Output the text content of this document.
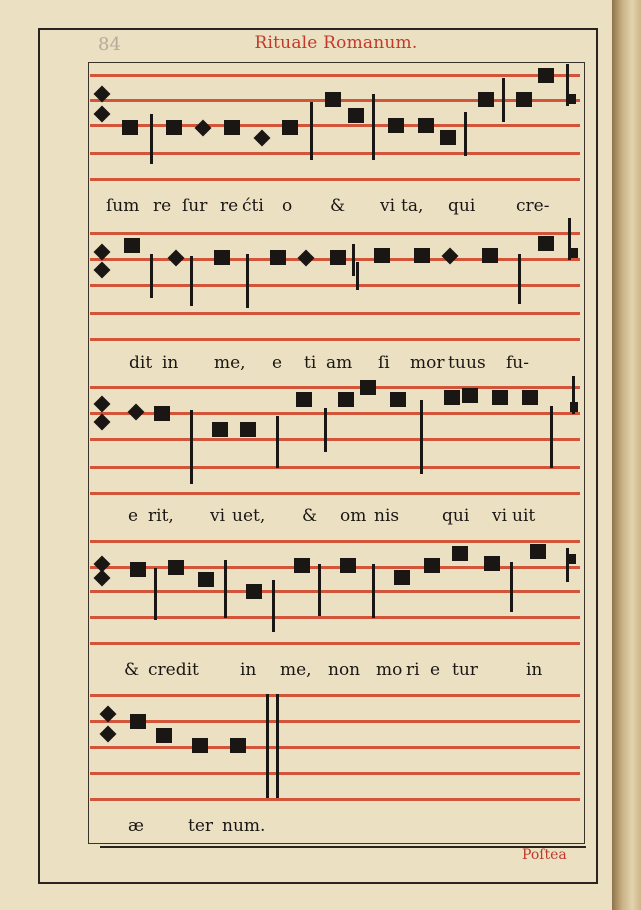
84	Rituale Romanum.
ſum re ſur re ćti o & vi ta, qui cre-
dit in me, e ti am ſi mor tu us fu-
e rit, vi uet, & om nis	qui vi uit
& credit in me, non mo ri e tur	in
æ	ter num.
Poſtea
